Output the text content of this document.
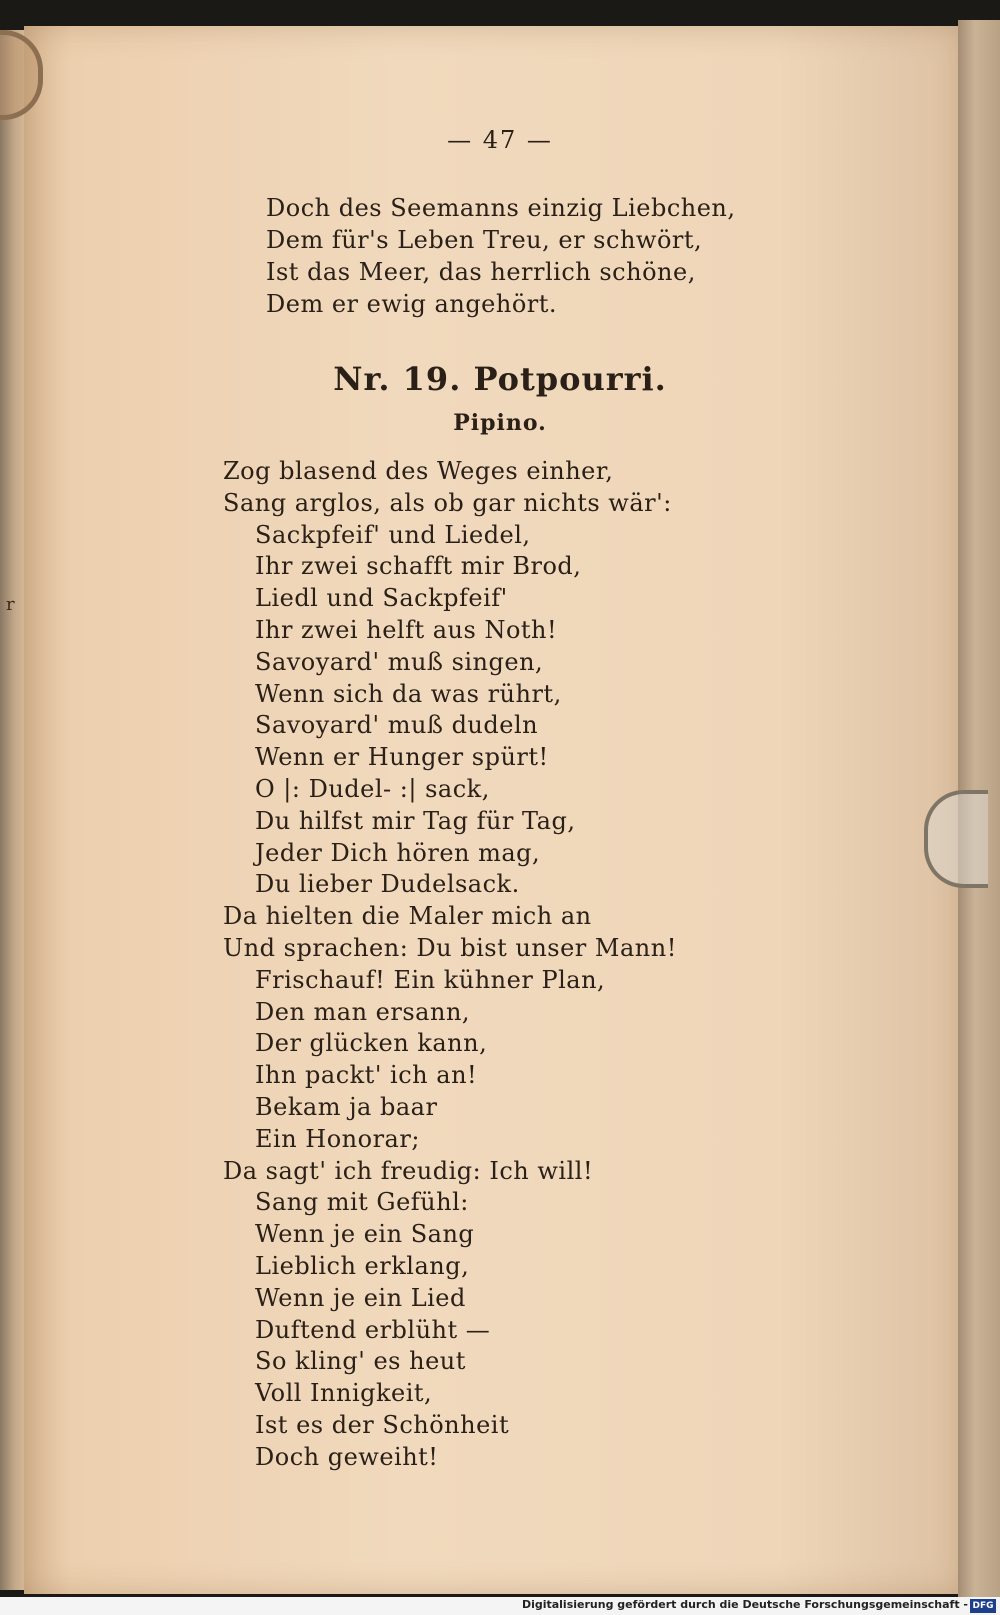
r
— 47 —
Doch des Seemanns einzig Liebchen,
Dem für's Leben Treu, er schwört,
Ist das Meer, das herrlich schöne,
Dem er ewig angehört.
Nr. 19. Potpourri.
Pipino.
Zog blasend des Weges einher,
Sang arglos, als ob gar nichts wär':
Sackpfeif' und Liedel,
Ihr zwei schafft mir Brod,
Liedl und Sackpfeif'
Ihr zwei helft aus Noth!
Savoyard' muß singen,
Wenn sich da was rührt,
Savoyard' muß dudeln
Wenn er Hunger spürt!
O |: Dudel- :| sack,
Du hilfst mir Tag für Tag,
Jeder Dich hören mag,
Du lieber Dudelsack.
Da hielten die Maler mich an
Und sprachen: Du bist unser Mann!
Frischauf! Ein kühner Plan,
Den man ersann,
Der glücken kann,
Ihn packt' ich an!
Bekam ja baar
Ein Honorar;
Da sagt' ich freudig: Ich will!
Sang mit Gefühl:
Wenn je ein Sang
Lieblich erklang,
Wenn je ein Lied
Duftend erblüht —
So kling' es heut
Voll Innigkeit,
Ist es der Schönheit
Doch geweiht!
Digitalisierung gefördert durch die Deutsche Forschungsgemeinschaft - DFG
